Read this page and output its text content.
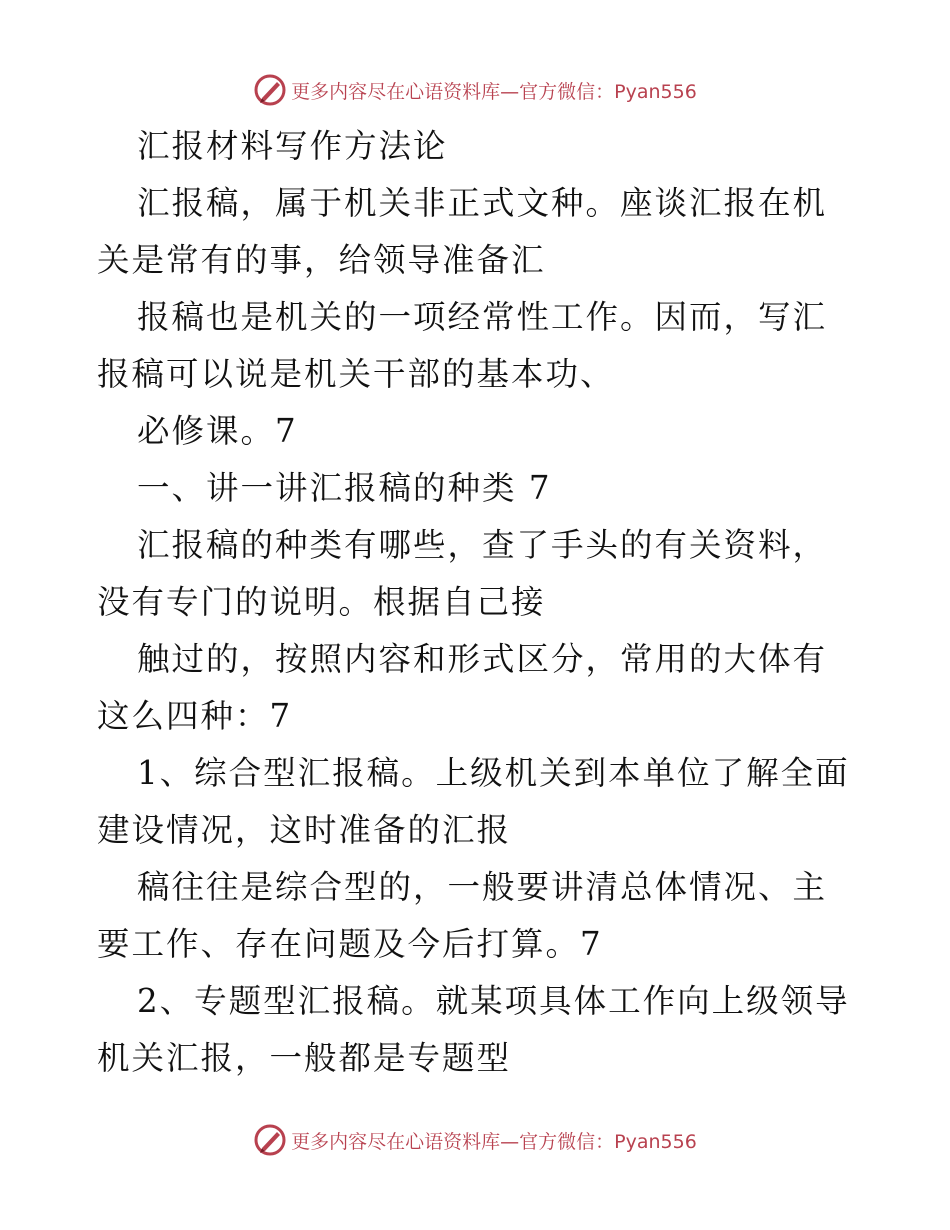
更多内容尽在心语资料库—官方微信：Pyan556

汇报材料写作方法论

汇报稿，属于机关非正式文种。座谈汇报在机关是常有的事，给领导准备汇

报稿也是机关的一项经常性工作。因而，写汇报稿可以说是机关干部的基本功、

必修课。7

一、讲一讲汇报稿的种类 7

汇报稿的种类有哪些，查了手头的有关资料，没有专门的说明。根据自己接

触过的，按照内容和形式区分，常用的大体有这么四种：7

1、综合型汇报稿。上级机关到本单位了解全面建设情况，这时准备的汇报

稿往往是综合型的，一般要讲清总体情况、主要工作、存在问题及今后打算。7

2、专题型汇报稿。就某项具体工作向上级领导机关汇报，一般都是专题型

更多内容尽在心语资料库—官方微信：Pyan556
